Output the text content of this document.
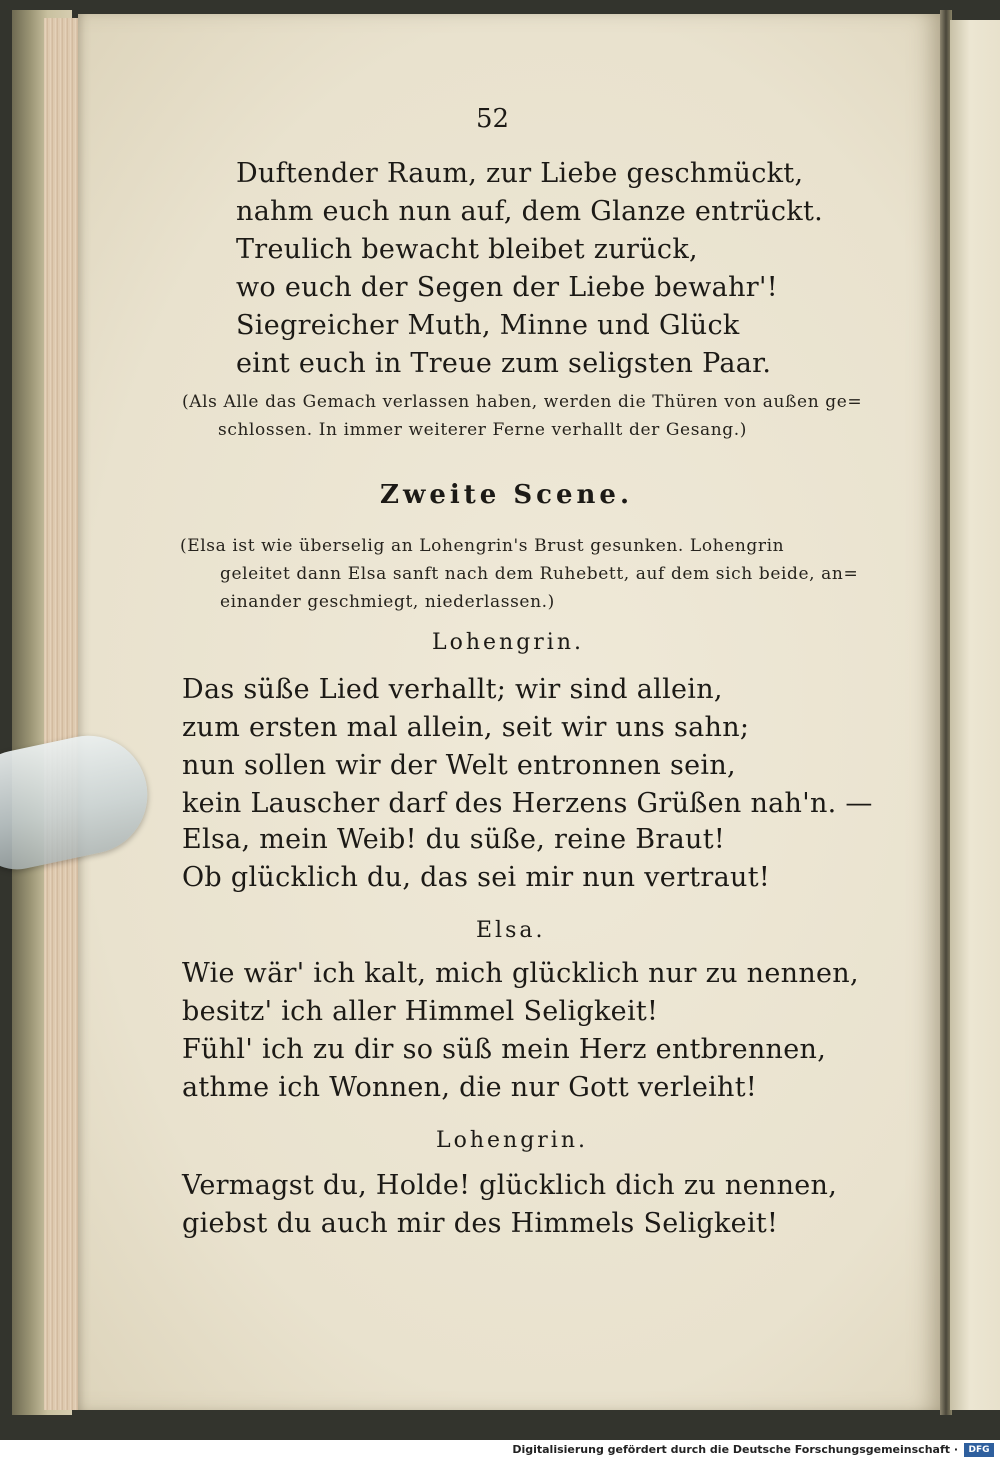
52
Duftender Raum, zur Liebe geschmückt,
nahm euch nun auf, dem Glanze entrückt.
Treulich bewacht bleibet zurück,
wo euch der Segen der Liebe bewahr'!
Siegreicher Muth, Minne und Glück
eint euch in Treue zum seligsten Paar.
(Als Alle das Gemach verlassen haben, werden die Thüren von außen ge=
schlossen. In immer weiterer Ferne verhallt der Gesang.)
Zweite Scene.
(Elsa ist wie überselig an Lohengrin's Brust gesunken. Lohengrin
geleitet dann Elsa sanft nach dem Ruhebett, auf dem sich beide, an=
einander geschmiegt, niederlassen.)
Lohengrin.
Das süße Lied verhallt; wir sind allein,
zum ersten mal allein, seit wir uns sahn;
nun sollen wir der Welt entronnen sein,
kein Lauscher darf des Herzens Grüßen nah'n. —
Elsa, mein Weib! du süße, reine Braut!
Ob glücklich du, das sei mir nun vertraut!
Elsa.
Wie wär' ich kalt, mich glücklich nur zu nennen,
besitz' ich aller Himmel Seligkeit!
Fühl' ich zu dir so süß mein Herz entbrennen,
athme ich Wonnen, die nur Gott verleiht!
Lohengrin.
Vermagst du, Holde! glücklich dich zu nennen,
giebst du auch mir des Himmels Seligkeit!
Digitalisierung gefördert durch die Deutsche Forschungsgemeinschaft ·	DFG
